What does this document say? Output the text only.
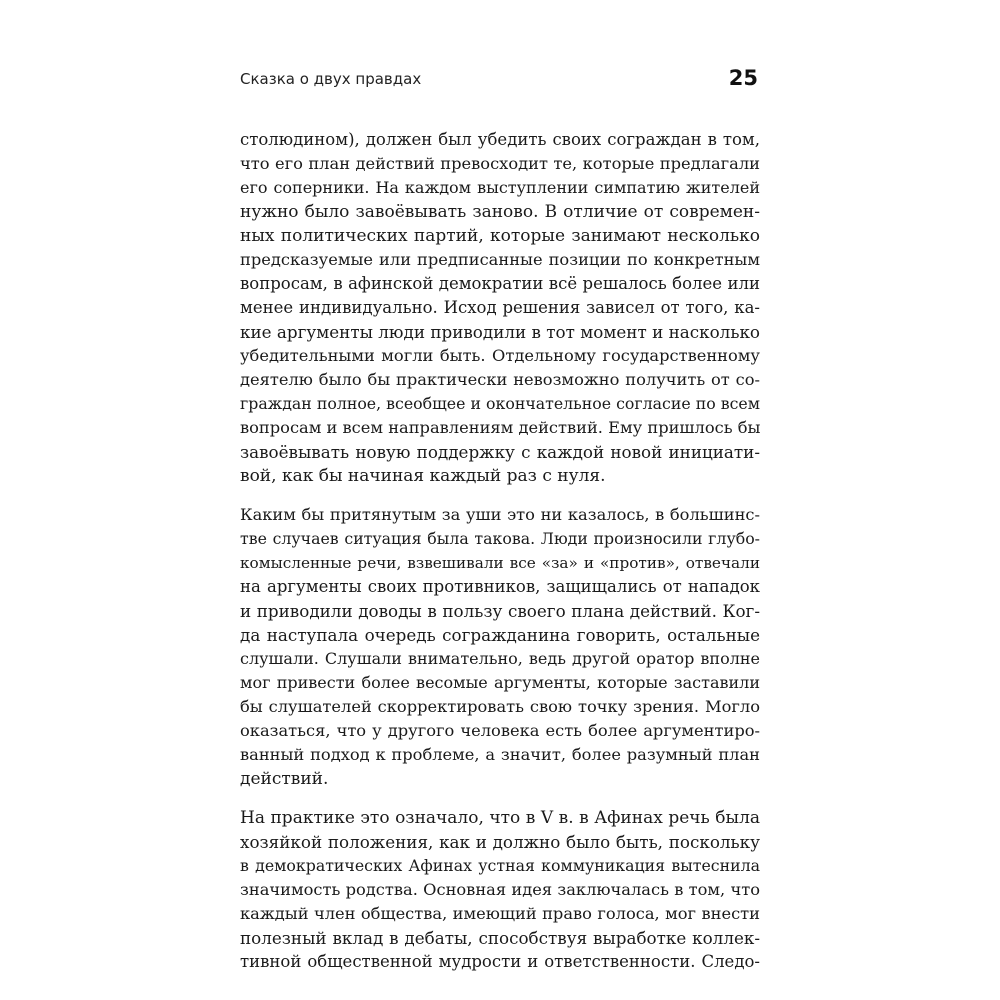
Сказка о двух правдах	25
столюдином), должен был убедить своих сограждан в том,
что его план действий превосходит те, которые предлагали
его соперники. На каждом выступлении симпатию жителей
нужно было завоёвывать заново. В отличие от современ-
ных политических партий, которые занимают несколько
предсказуемые или предписанные позиции по конкретным
вопросам, в афинской демократии всё решалось более или
менее индивидуально. Исход решения зависел от того, ка-
кие аргументы люди приводили в тот момент и насколько
убедительными могли быть. Отдельному государственному
деятелю было бы практически невозможно получить от со-
граждан полное, всеобщее и окончательное согласие по всем
вопросам и всем направлениям действий. Ему пришлось бы
завоёвывать новую поддержку с каждой новой инициати-
вой, как бы начиная каждый раз с нуля.
Каким бы притянутым за уши это ни казалось, в большинс-
тве случаев ситуация была такова. Люди произносили глубо-
комысленные речи, взвешивали все «за» и «против», отвечали
на аргументы своих противников, защищались от нападок
и приводили доводы в пользу своего плана действий. Ког-
да наступала очередь согражданина говорить, остальные
слушали. Слушали внимательно, ведь другой оратор вполне
мог привести более весомые аргументы, которые заставили
бы слушателей скорректировать свою точку зрения. Могло
оказаться, что у другого человека есть более аргументиро-
ванный подход к проблеме, а значит, более разумный план
действий.
На практике это означало, что в V в. в Афинах речь была
хозяйкой положения, как и должно было быть, поскольку
в демократических Афинах устная коммуникация вытеснила
значимость родства. Основная идея заключалась в том, что
каждый член общества, имеющий право голоса, мог внести
полезный вклад в дебаты, способствуя выработке коллек-
тивной общественной мудрости и ответственности. Следо-
